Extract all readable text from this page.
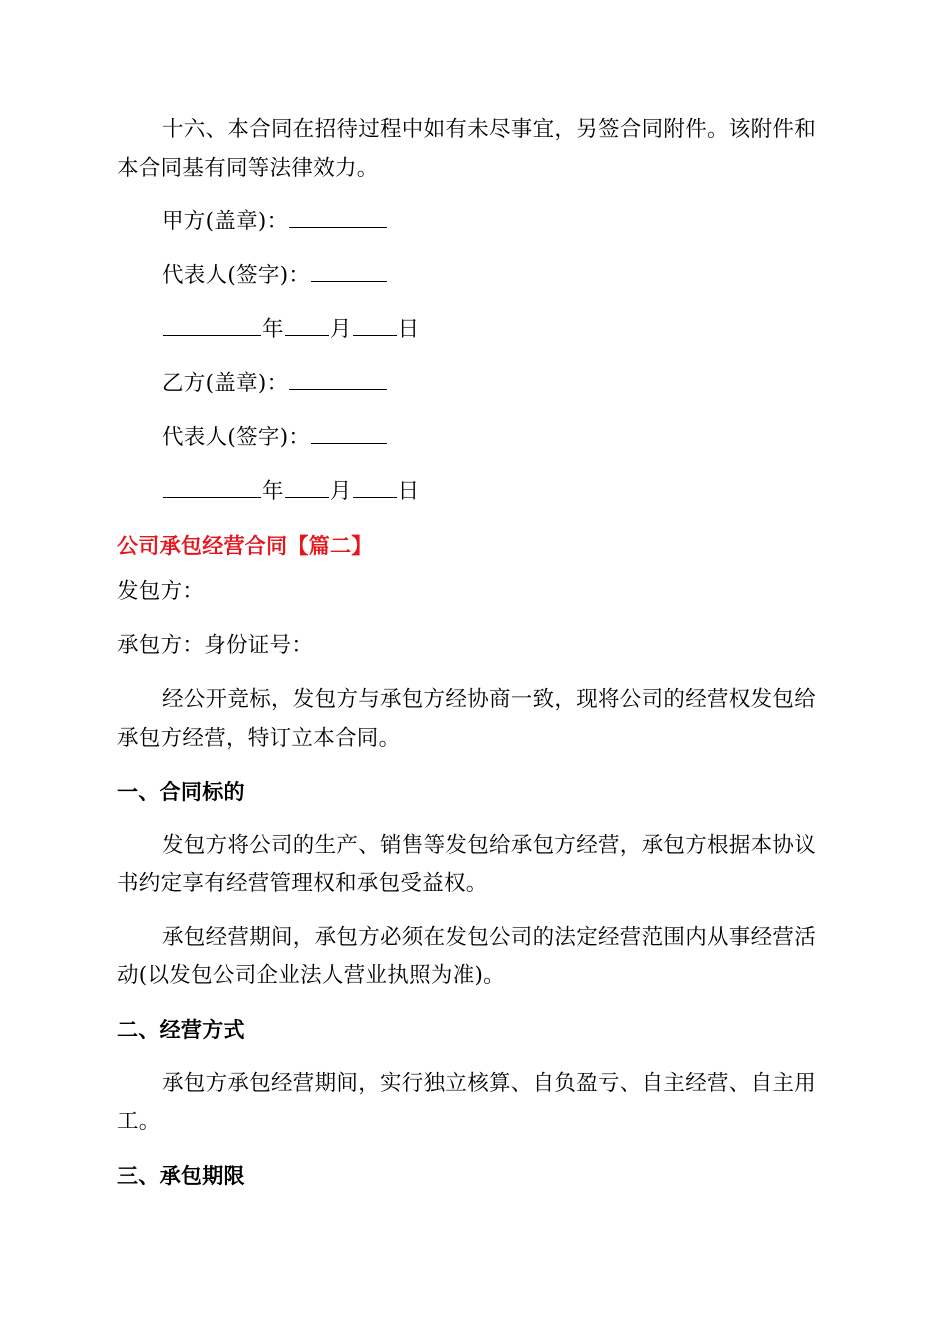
十六、本合同在招待过程中如有未尽事宜，另签合同附件。该附件和
本合同基有同等法律效力。
甲方(盖章)：
代表人(签字)：
年 月 日
乙方(盖章)：
代表人(签字)：
年 月 日
公司承包经营合同【篇二】
发包方：
承包方：身份证号：
经公开竞标，发包方与承包方经协商一致，现将公司的经营权发包给
承包方经营，特订立本合同。
一、合同标的
发包方将公司的生产、销售等发包给承包方经营，承包方根据本协议
书约定享有经营管理权和承包受益权。
承包经营期间，承包方必须在发包公司的法定经营范围内从事经营活
动(以发包公司企业法人营业执照为准)。
二、经营方式
承包方承包经营期间，实行独立核算、自负盈亏、自主经营、自主用
工。
三、承包期限
